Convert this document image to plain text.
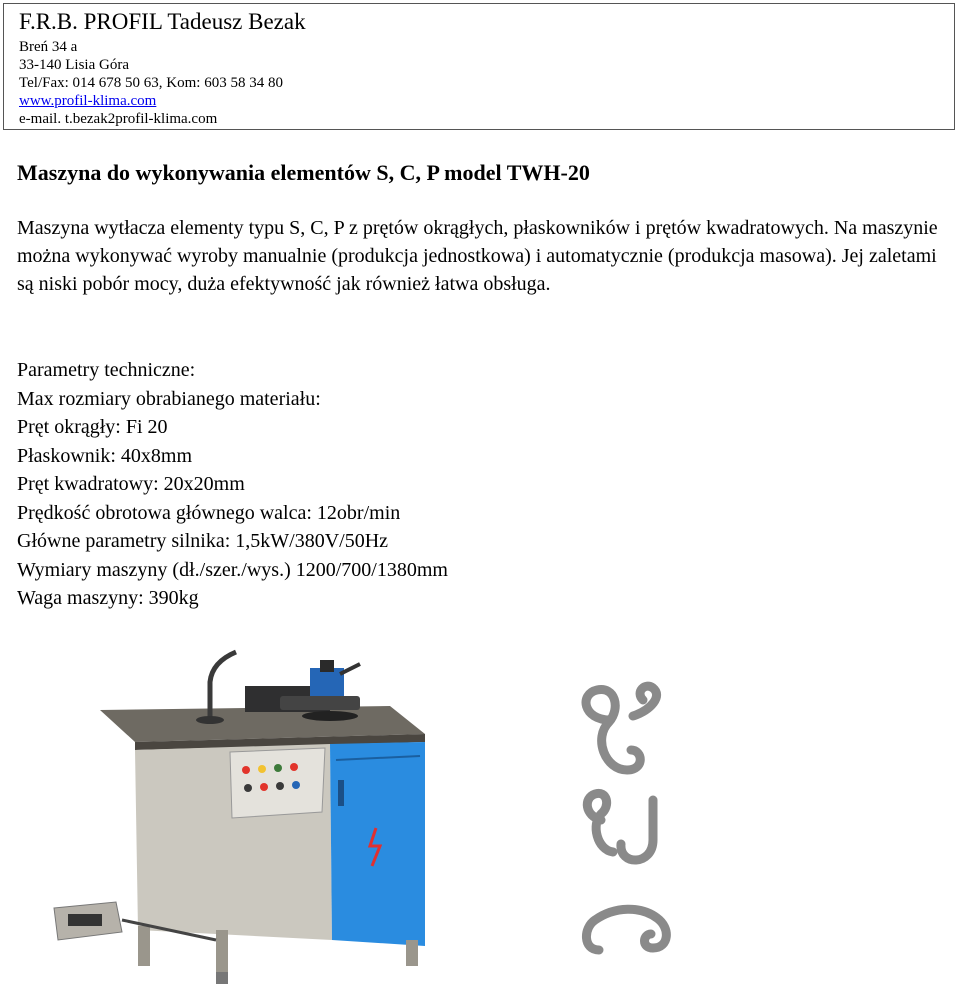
F.R.B. PROFIL Tadeusz Bezak
Breń 34 a
33-140 Lisia Góra
Tel/Fax: 014 678 50 63, Kom: 603 58 34 80
www.profil-klima.com
e-mail. t.bezak2profil-klima.com
Maszyna do wykonywania elementów S, C, P model TWH-20
Maszyna wytłacza elementy typu S, C, P z prętów okrągłych, płaskowników i prętów kwadratowych. Na maszynie można wykonywać wyroby manualnie (produkcja jednostkowa) i automatycznie (produkcja masowa). Jej zaletami są niski pobór mocy, duża efektywność jak również łatwa obsługa.
Parametry techniczne:
Max rozmiary obrabianego materiału:
Pręt okrągły: Fi 20
Płaskownik: 40x8mm
Pręt kwadratowy: 20x20mm
Prędkość obrotowa głównego walca: 12obr/min
Główne parametry silnika: 1,5kW/380V/50Hz
Wymiary maszyny (dł./szer./wys.) 1200/700/1380mm
Waga maszyny: 390kg
